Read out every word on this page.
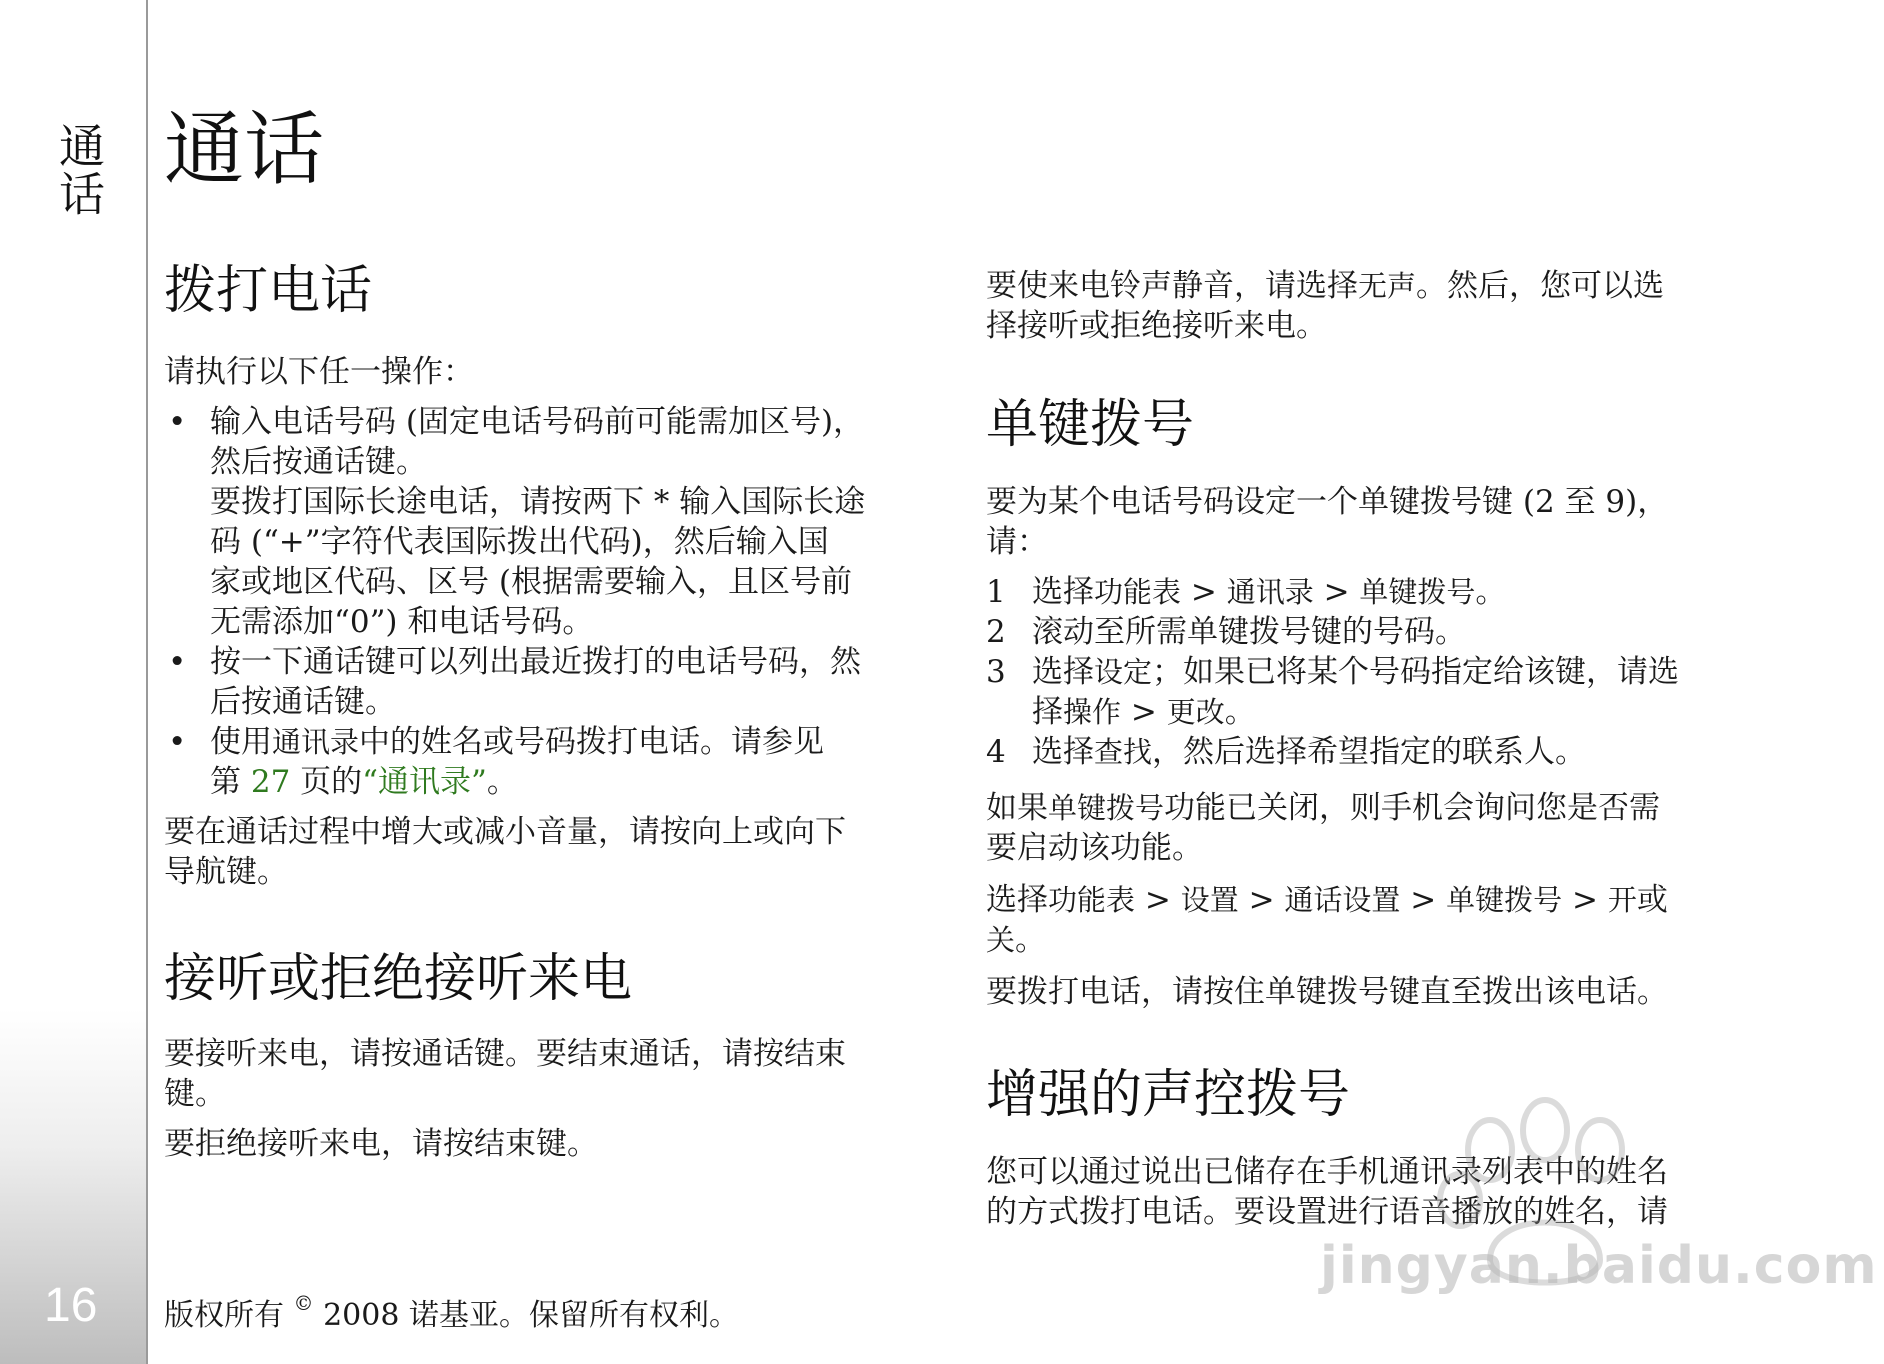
通话
16
通话
拨打电话

请执行以下任一操作：

• 输入电话号码 (固定电话号码前可能需加区号)，
然后按通话键。
要拨打国际长途电话，请按两下 * 输入国际长途
码 (“+”字符代表国际拨出代码)，然后输入国
家或地区代码、区号 (根据需要输入，且区号前
无需添加“0”) 和电话号码。
• 按一下通话键可以列出最近拨打的电话号码，然
后按通话键。
• 使用通讯录中的姓名或号码拨打电话。请参见
第 27 页的“通讯录”。

要在通话过程中增大或减小音量，请按向上或向下
导航键。

接听或拒绝接听来电

要接听来电，请按通话键。要结束通话，请按结束
键。

要拒绝接听来电，请按结束键。

要使来电铃声静音，请选择无声。然后，您可以选
择接听或拒绝接听来电。

单键拨号

要为某个电话号码设定一个单键拨号键 (2 至 9)，
请：

1 选择功能表 > 通讯录 > 单键拨号。
2 滚动至所需单键拨号键的号码。
3 选择设定；如果已将某个号码指定给该键，请选
择操作 > 更改。
4 选择查找，然后选择希望指定的联系人。

如果单键拨号功能已关闭，则手机会询问您是否需
要启动该功能。

选择功能表 > 设置 > 通话设置 > 单键拨号 > 开或
关。

要拨打电话，请按住单键拨号键直至拨出该电话。

增强的声控拨号

您可以通过说出已储存在手机通讯录列表中的姓名
的方式拨打电话。要设置进行语音播放的姓名，请

jingyan.baidu.com
版权所有 © 2008 诺基亚。保留所有权利。
